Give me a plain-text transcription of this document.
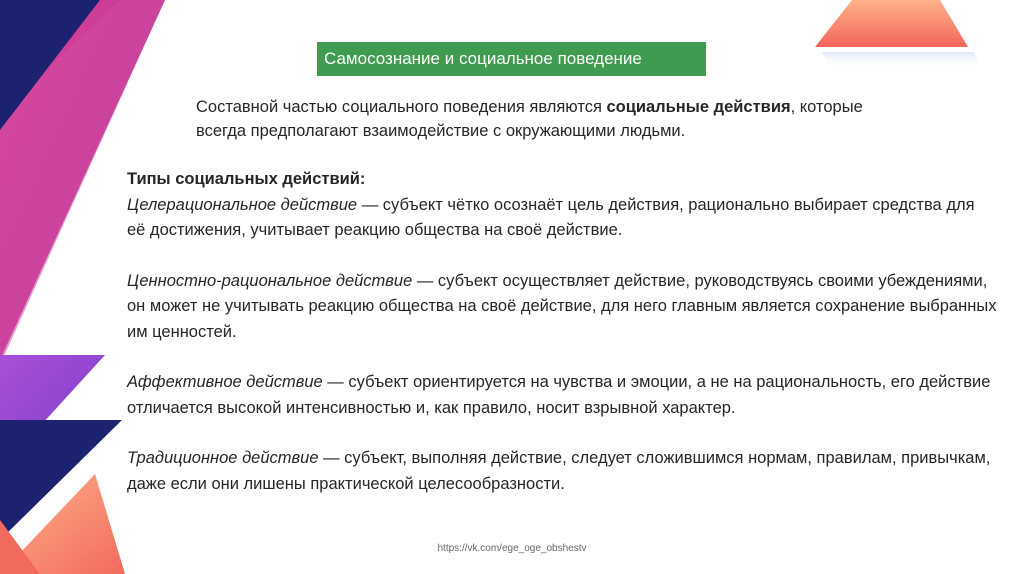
Самосознание и социальное поведение

Составной частью социального поведения являются социальные действия, которые всегда предполагают взаимодействие с окружающими людьми.

Типы социальных действий:

Целерациональное действие — субъект чётко осознаёт цель действия, рационально выбирает средства для её достижения, учитывает реакцию общества на своё действие.

Ценностно-рациональное действие — субъект осуществляет действие, руководствуясь своими убеждениями, он может не учитывать реакцию общества на своё действие, для него главным является сохранение выбранных им ценностей.

Аффективное действие — субъект ориентируется на чувства и эмоции, а не на рациональность, его действие отличается высокой интенсивностью и, как правило, носит взрывной характер.

Традиционное действие — субъект, выполняя действие, следует сложившимся нормам, правилам, привычкам, даже если они лишены практической целесообразности.

https://vk.com/ege_oge_obshestv
